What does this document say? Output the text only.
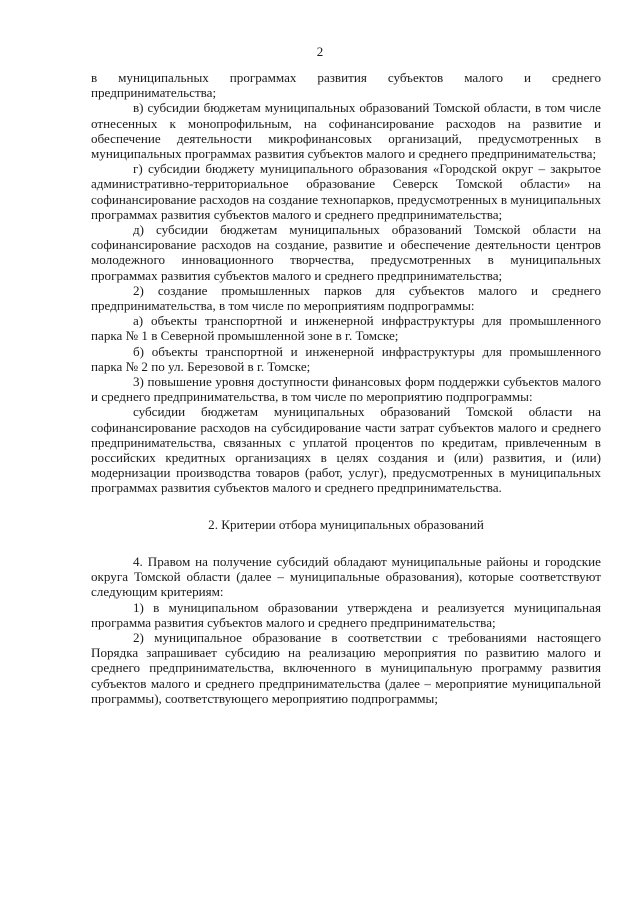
2

в муниципальных программах развития субъектов малого и среднего предпринимательства;

в) субсидии бюджетам муниципальных образований Томской области, в том числе отнесенных к монопрофильным, на софинансирование расходов на развитие и обеспечение деятельности микрофинансовых организаций, предусмотренных в муниципальных программах развития субъектов малого и среднего предпринимательства;

г) субсидии бюджету муниципального образования «Городской округ – закрытое административно-территориальное образование Северск Томской области» на софинансирование расходов на создание технопарков, предусмотренных в муниципальных программах развития субъектов малого и среднего предпринимательства;

д) субсидии бюджетам муниципальных образований Томской области на софинансирование расходов на создание, развитие и обеспечение деятельности центров молодежного инновационного творчества, предусмотренных в муниципальных программах развития субъектов малого и среднего предпринимательства;

2) создание промышленных парков для субъектов малого и среднего предпринимательства, в том числе по мероприятиям подпрограммы:

а) объекты транспортной и инженерной инфраструктуры для промышленного парка № 1 в Северной промышленной зоне в г. Томске;

б) объекты транспортной и инженерной инфраструктуры для промышленного парка № 2 по ул. Березовой в г. Томске;

3) повышение уровня доступности финансовых форм поддержки субъектов малого и среднего предпринимательства, в том числе по мероприятию подпрограммы:

субсидии бюджетам муниципальных образований Томской области на софинансирование расходов на субсидирование части затрат субъектов малого и среднего предпринимательства, связанных с уплатой процентов по кредитам, привлеченным в российских кредитных организациях в целях создания и (или) развития, и (или) модернизации производства товаров (работ, услуг), предусмотренных в муниципальных программах развития субъектов малого и среднего предпринимательства.

2. Критерии отбора муниципальных образований

4. Правом на получение субсидий обладают муниципальные районы и городские округа Томской области (далее – муниципальные образования), которые соответствуют следующим критериям:

1) в муниципальном образовании утверждена и реализуется муниципальная программа развития субъектов малого и среднего предпринимательства;

2) муниципальное образование в соответствии с требованиями настоящего Порядка запрашивает субсидию на реализацию мероприятия по развитию малого и среднего предпринимательства, включенного в муниципальную программу развития субъектов малого и среднего предпринимательства (далее – мероприятие муниципальной программы), соответствующего мероприятию подпрограммы;
